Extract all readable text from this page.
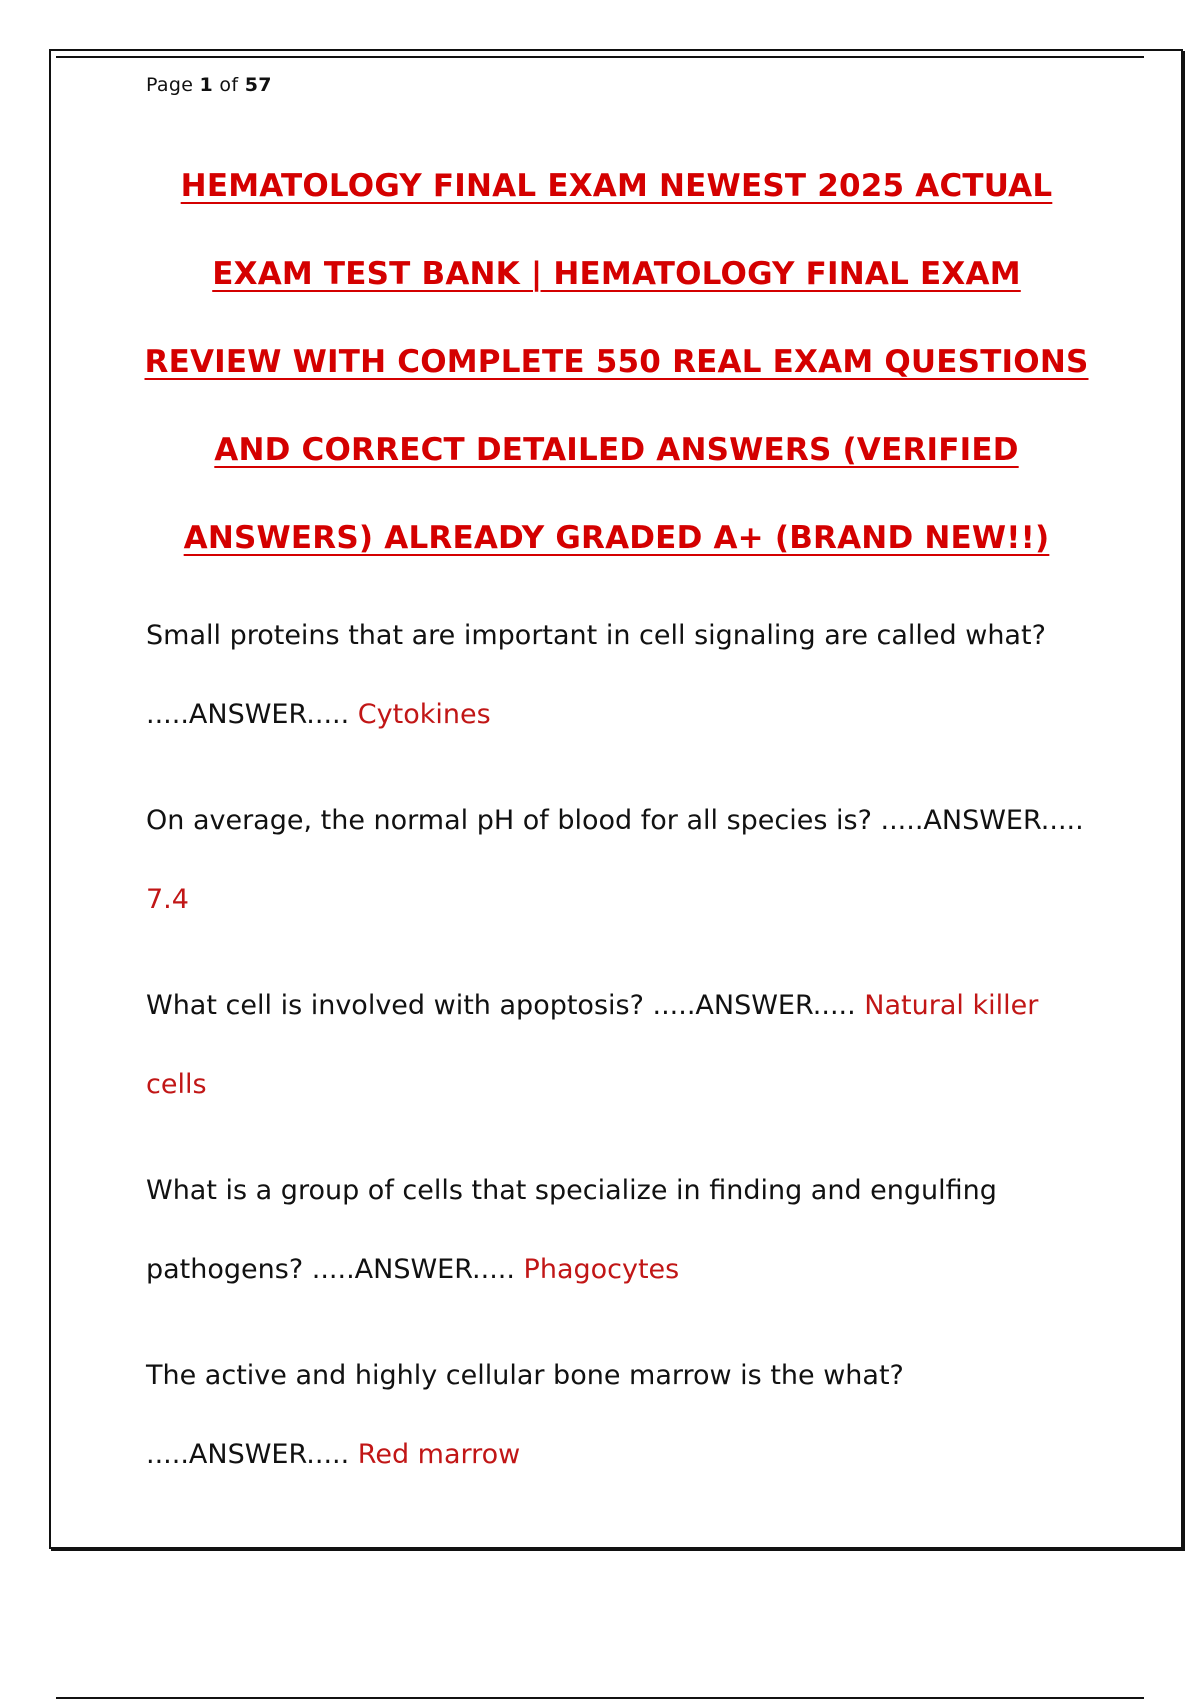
Page 1 of 57
HEMATOLOGY FINAL EXAM NEWEST 2025 ACTUAL
EXAM TEST BANK | HEMATOLOGY FINAL EXAM
REVIEW WITH COMPLETE 550 REAL EXAM QUESTIONS
AND CORRECT DETAILED ANSWERS (VERIFIED
ANSWERS) ALREADY GRADED A+ (BRAND NEW!!)

Small proteins that are important in cell signaling are called what? .....ANSWER..... Cytokines

On average, the normal pH of blood for all species is? .....ANSWER..... 7.4

What cell is involved with apoptosis? .....ANSWER..... Natural killer cells

What is a group of cells that specialize in finding and engulfing pathogens? .....ANSWER..... Phagocytes

The active and highly cellular bone marrow is the what? .....ANSWER..... Red marrow
